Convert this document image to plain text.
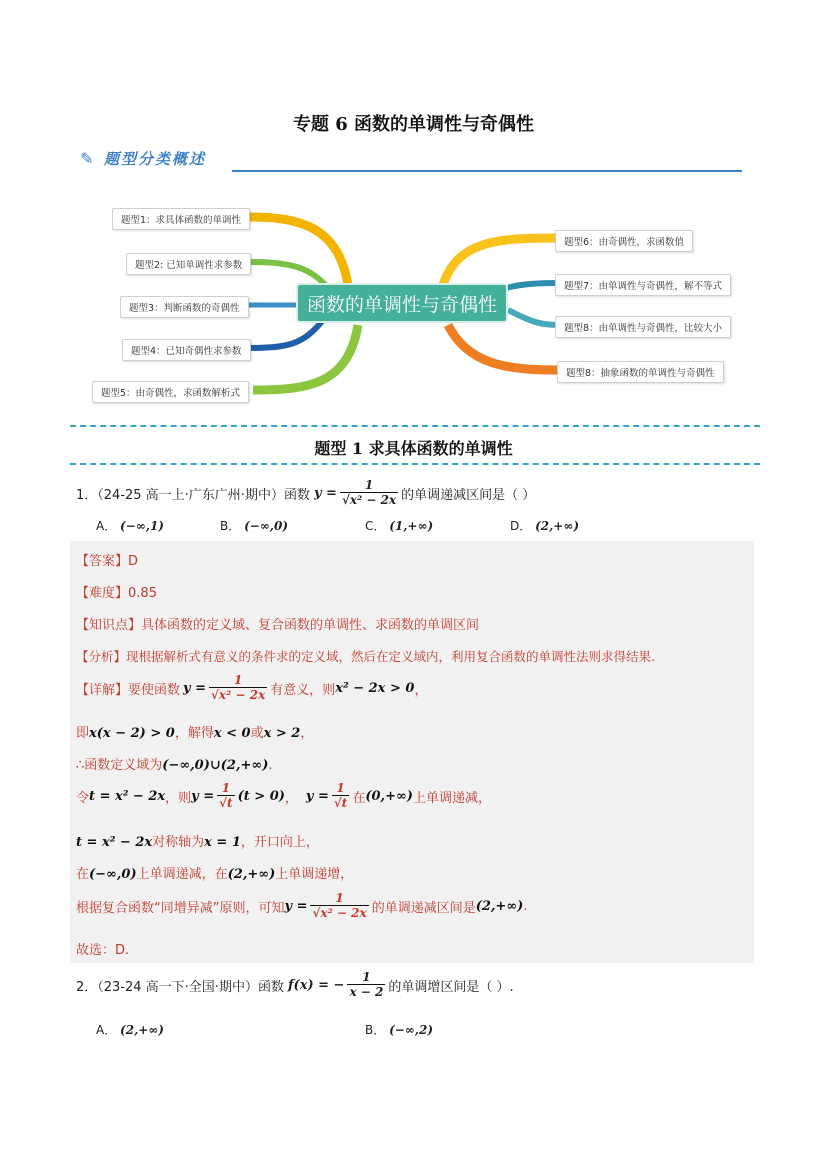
专题 6 函数的单调性与奇偶性
✎ 题型分类概述
函数的单调性与奇偶性
题型1：求具体函数的单调性
题型2: 已知单调性求参数
题型3：判断函数的奇偶性
题型4：已知奇偶性求参数
题型5：由奇偶性，求函数解析式
题型6：由奇偶性，求函数值
题型7：由单调性与奇偶性，解不等式
题型8：由单调性与奇偶性，比较大小
题型8：抽象函数的单调性与奇偶性
题型 1 求具体函数的单调性
1．（24-25 高一上·广东广州·期中）函数 $y = \frac{1}{\text{√x² − 2x}}$ 的单调递减区间是（ ）
A． (−∞,1)	B． (−∞,0)	C． (1,+∞)	D． (2,+∞)
【答案】D
【难度】0.85
【知识点】具体函数的定义域、复合函数的单调性、求函数的单调区间
【分析】现根据解析式有意义的条件求的定义域，然后在定义域内，利用复合函数的单调性法则求得结果.
【详解】 要使函数 $y = \frac{1}{\text{√x² − 2x}}$ 有意义，则 x² − 2x > 0 ，
即x(x − 2) > 0，解得x < 0或x > 2，
∴函数定义域为(−∞,0)∪(2,+∞).
令 t = x² − 2x ，则 $y = \frac{1}{√t} (t > 0)$ ， $y = \frac{1}{√t}$ 在 (0,+∞) 上单调递减，
t = x² − 2x对称轴为x = 1，开口向上，
在(−∞,0)上单调递减，在(2,+∞)上单调递增，
根据复合函数“同增异减”原则，可知 $y = \frac{1}{\text{√x² − 2x}}$ 的单调递减区间是 (2,+∞) .
故选：D.
2．（23-24 高一下·全国·期中）函数 f(x) = − $\frac{1}{x - 2}$ 的单调增区间是（ ）.
A． (2,+∞)	B． (−∞,2)
